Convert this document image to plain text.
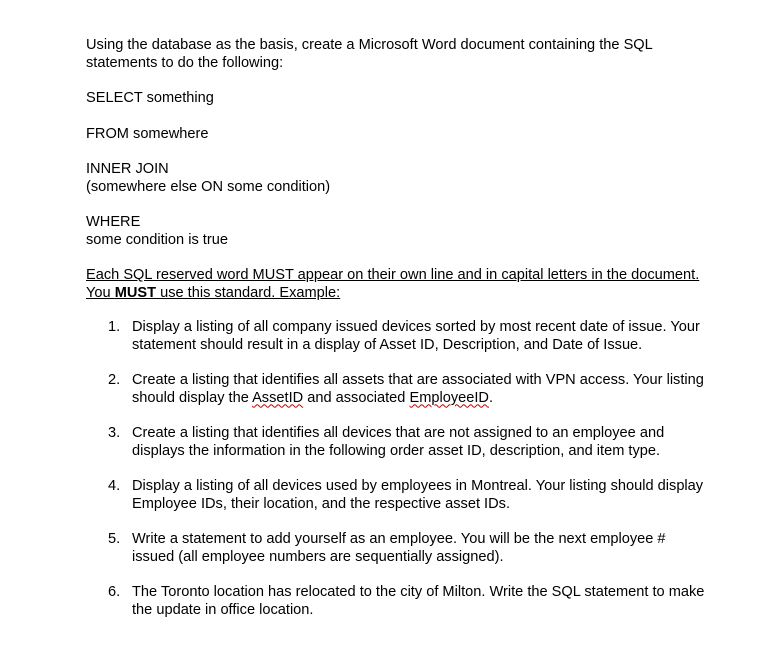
Using the database as the basis, create a Microsoft Word document containing the SQL statements to do the following:

SELECT something

FROM somewhere

INNER JOIN

(somewhere else ON some condition)

WHERE

some condition is true

Each SQL reserved word MUST appear on their own line and in capital letters in the document. You MUST use this standard. Example:

1. Display a listing of all company issued devices sorted by most recent date of issue. Your statement should result in a display of Asset ID, Description, and Date of Issue.
2. Create a listing that identifies all assets that are associated with VPN access. Your listing should display the AssetID and associated EmployeeID.
3. Create a listing that identifies all devices that are not assigned to an employee and displays the information in the following order asset ID, description, and item type.
4. Display a listing of all devices used by employees in Montreal. Your listing should display Employee IDs, their location, and the respective asset IDs.
5. Write a statement to add yourself as an employee. You will be the next employee # issued (all employee numbers are sequentially assigned).
6. The Toronto location has relocated to the city of Milton. Write the SQL statement to make the update in office location.
